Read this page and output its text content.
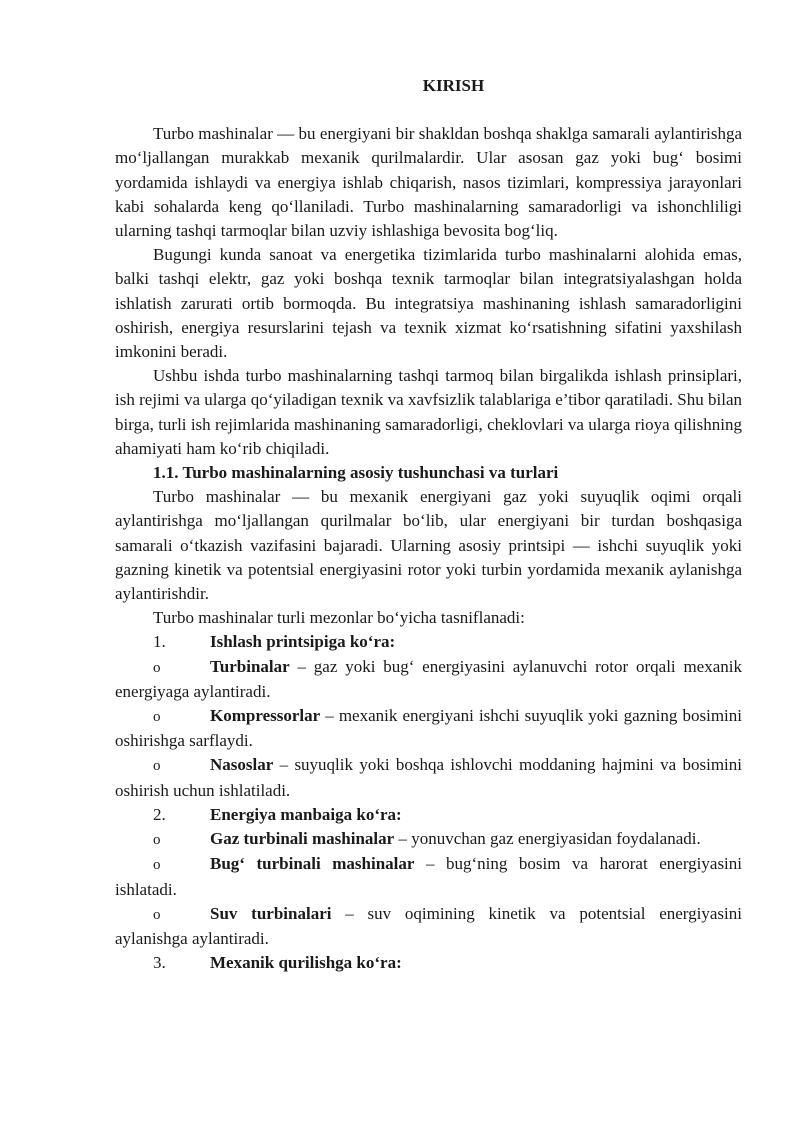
KIRISH

Turbo mashinalar — bu energiyani bir shakldan boshqa shaklga samarali aylantirishga mo‘ljallangan murakkab mexanik qurilmalardir. Ular asosan gaz yoki bug‘ bosimi yordamida ishlaydi va energiya ishlab chiqarish, nasos tizimlari, kompressiya jarayonlari kabi sohalarda keng qo‘llaniladi. Turbo mashinalarning samaradorligi va ishonchliligi ularning tashqi tarmoqlar bilan uzviy ishlashiga bevosita bog‘liq.

Bugungi kunda sanoat va energetika tizimlarida turbo mashinalarni alohida emas, balki tashqi elektr, gaz yoki boshqa texnik tarmoqlar bilan integratsiyalashgan holda ishlatish zarurati ortib bormoqda. Bu integratsiya mashinaning ishlash samaradorligini oshirish, energiya resurslarini tejash va texnik xizmat ko‘rsatishning sifatini yaxshilash imkonini beradi.

Ushbu ishda turbo mashinalarning tashqi tarmoq bilan birgalikda ishlash prinsiplari, ish rejimi va ularga qo‘yiladigan texnik va xavfsizlik talablariga e’tibor qaratiladi. Shu bilan birga, turli ish rejimlarida mashinaning samaradorligi, cheklovlari va ularga rioya qilishning ahamiyati ham ko‘rib chiqiladi.

1.1. Turbo mashinalarning asosiy tushunchasi va turlari

Turbo mashinalar — bu mexanik energiyani gaz yoki suyuqlik oqimi orqali aylantirishga mo‘ljallangan qurilmalar bo‘lib, ular energiyani bir turdan boshqasiga samarali o‘tkazish vazifasini bajaradi. Ularning asosiy printsipi — ishchi suyuqlik yoki gazning kinetik va potentsial energiyasini rotor yoki turbin yordamida mexanik aylanishga aylantirishdir.

Turbo mashinalar turli mezonlar bo‘yicha tasniflanadi:

1.	Ishlash printsipiga ko‘ra:
o	Turbinalar – gaz yoki bug‘ energiyasini aylanuvchi rotor orqali mexanik energiyaga aylantiradi.
o	Kompressorlar – mexanik energiyani ishchi suyuqlik yoki gazning bosimini oshirishga sarflaydi.
o	Nasoslar – suyuqlik yoki boshqa ishlovchi moddaning hajmini va bosimini oshirish uchun ishlatiladi.
2.	Energiya manbaiga ko‘ra:
o	Gaz turbinali mashinalar – yonuvchan gaz energiyasidan foydalanadi.
o	Bug‘ turbinali mashinalar – bug‘ning bosim va harorat energiyasini ishlatadi.
o	Suv turbinalari – suv oqimining kinetik va potentsial energiyasini aylanishga aylantiradi.
3.	Mexanik qurilishga ko‘ra:
